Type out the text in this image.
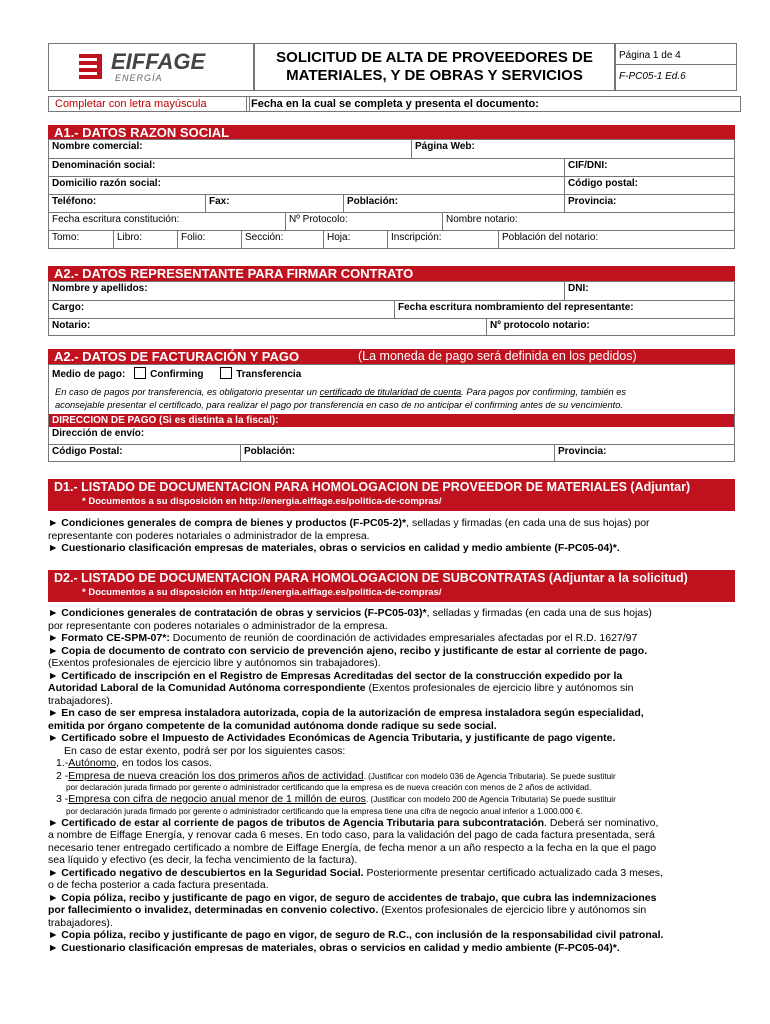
EIFFAGE
ENERGÍA
SOLICITUD DE ALTA DE PROVEEDORES DE
MATERIALES, Y DE OBRAS Y SERVICIOS
Página 1 de 4
F-PC05-1 Ed.6
Completar con letra mayúscula	Fecha en la cual se completa y presenta el documento:
A1.- DATOS RAZON SOCIAL
Nombre comercial:	Página Web:
Denominación social:	CIF/DNI:
Domicilio razón social:	Código postal:
Teléfono:	Fax:	Población:	Provincia:
Fecha escritura constitución:	Nº Protocolo:	Nombre notario:
Tomo:	Libro:	Folio:	Sección:	Hoja:	Inscripción:	Población del notario:
A2.- DATOS REPRESENTANTE PARA FIRMAR CONTRATO
Nombre y apellidos:	DNI:
Cargo:	Fecha escritura nombramiento del representante:
Notario:	Nº protocolo notario:
A2.- DATOS DE FACTURACIÓN Y PAGO	(La moneda de pago será definida en los pedidos)
Medio de pago: Confirming	Transferencia
En caso de pagos por transferencia, es obligatorio presentar un certificado de titularidad de cuenta. Para pagos por confirming, también es
aconsejable presentar el certificado, para realizar el pago por transferencia en caso de no anticipar el confirming antes de su vencimiento.
DIRECCION DE PAGO (Si es distinta a la fiscal):
Dirección de envío:
Código Postal:	Población:	Provincia:
D1.- LISTADO DE DOCUMENTACION PARA HOMOLOGACION DE PROVEEDOR DE MATERIALES (Adjuntar)
* Documentos a su disposición en http://energia.eiffage.es/politica-de-compras/
► Condiciones generales de compra de bienes y productos (F-PC05-2)*, selladas y firmadas (en cada una de sus hojas) por
representante con poderes notariales o administrador de la empresa.
► Cuestionario clasificación empresas de materiales, obras o servicios en calidad y medio ambiente (F-PC05-04)*.
D2.- LISTADO DE DOCUMENTACION PARA HOMOLOGACION DE SUBCONTRATAS (Adjuntar a la solicitud)
* Documentos a su disposición en http://energia.eiffage.es/politica-de-compras/
► Condiciones generales de contratación de obras y servicios (F-PC05-03)*, selladas y firmadas (en cada una de sus hojas)
por representante con poderes notariales o administrador de la empresa.
► Formato CE-SPM-07*: Documento de reunión de coordinación de actividades empresariales afectadas por el R.D. 1627/97
► Copia de documento de contrato con servicio de prevención ajeno, recibo y justificante de estar al corriente de pago.
(Exentos profesionales de ejercicio libre y autónomos sin trabajadores).
► Certificado de inscripción en el Registro de Empresas Acreditadas del sector de la construcción expedido por la
Autoridad Laboral de la Comunidad Autónoma correspondiente (Exentos profesionales de ejercicio libre y autónomos sin
trabajadores).
► En caso de ser empresa instaladora autorizada, copia de la autorización de empresa instaladora según especialidad,
emitida por órgano competente de la comunidad autónoma donde radique su sede social.
► Certificado sobre el Impuesto de Actividades Económicas de Agencia Tributaria, y justificante de pago vigente.
En caso de estar exento, podrá ser por los siguientes casos:
1.-Autónomo, en todos los casos.
2 -Empresa de nueva creación los dos primeros años de actividad. (Justificar con modelo 036 de Agencia Tributaria). Se puede sustituir
por declaración jurada firmado por gerente o administrador certificando que la empresa es de nueva creación con menos de 2 años de actividad.
3 -Empresa con cifra de negocio anual menor de 1 millón de euros. (Justificar con modelo 200 de Agencia Tributaria) Se puede sustituir
por declaración jurada firmado por gerente o administrador certificando que la empresa tiene una cifra de negocio anual inferior a 1.000.000 €.
► Certificado de estar al corriente de pagos de tributos de Agencia Tributaria para subcontratación. Deberá ser nominativo,
a nombre de Eiffage Energía, y renovar cada 6 meses. En todo caso, para la validación del pago de cada factura presentada, será
necesario tener entregado certificado a nombre de Eiffage Energía, de fecha menor a un año respecto a la fecha en la que el pago
sea líquido y efectivo (es decir, la fecha vencimiento de la factura).
► Certificado negativo de descubiertos en la Seguridad Social. Posteriormente presentar certificado actualizado cada 3 meses,
o de fecha posterior a cada factura presentada.
► Copia póliza, recibo y justificante de pago en vigor, de seguro de accidentes de trabajo, que cubra las indemnizaciones
por fallecimiento o invalidez, determinadas en convenio colectivo. (Exentos profesionales de ejercicio libre y autónomos sin
trabajadores).
► Copia póliza, recibo y justificante de pago en vigor, de seguro de R.C., con inclusión de la responsabilidad civil patronal.
► Cuestionario clasificación empresas de materiales, obras o servicios en calidad y medio ambiente (F-PC05-04)*.
